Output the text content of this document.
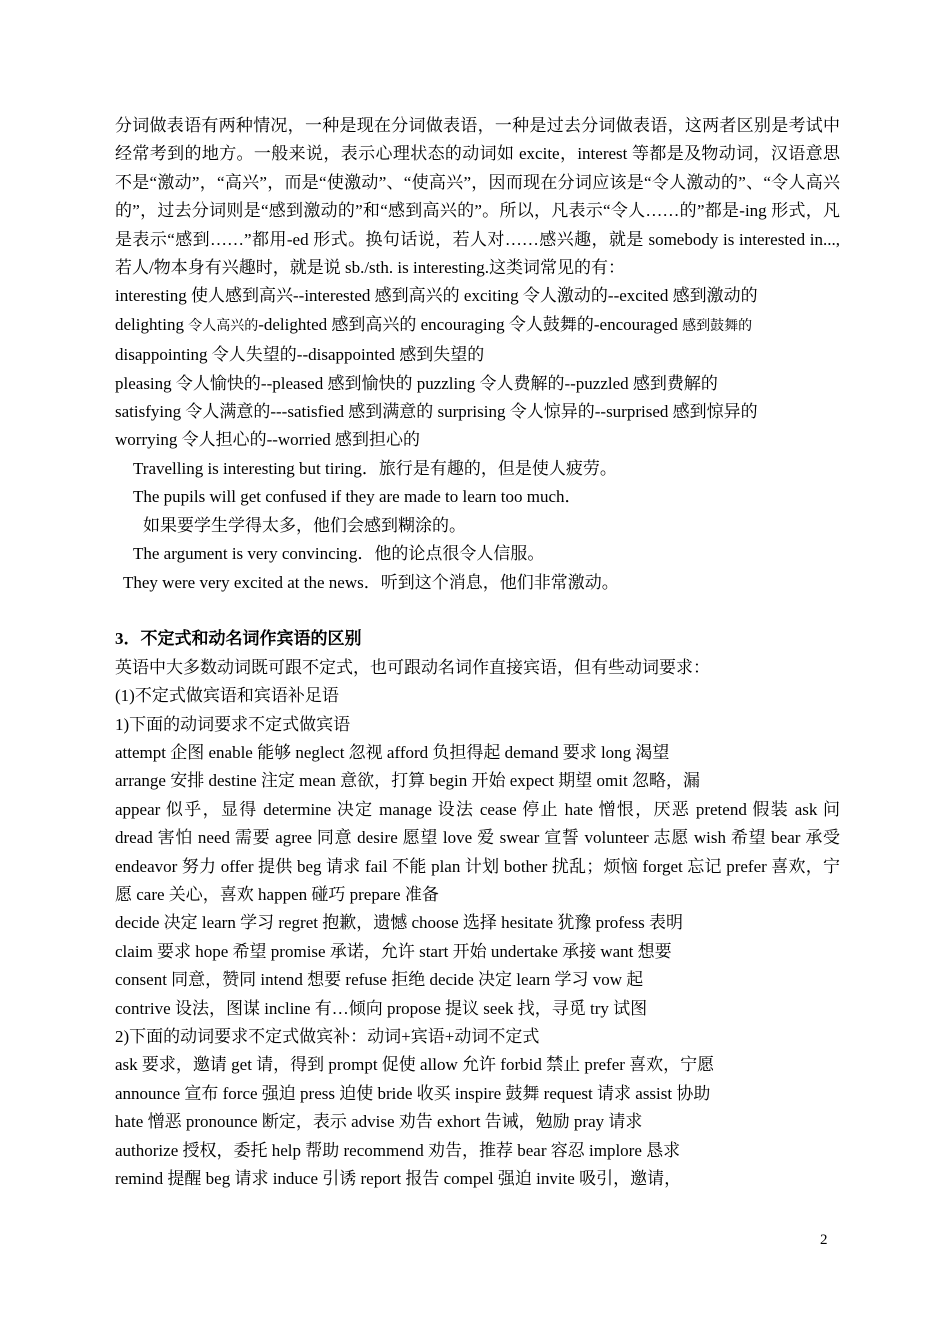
分词做表语有两种情况，一种是现在分词做表语，一种是过去分词做表语，这两者区别是考试中经常考到的地方。一般来说，表示心理状态的动词如 excite，interest 等都是及物动词，汉语意思不是“激动”，“高兴”，而是“使激动”、“使高兴”，因而现在分词应该是“令人激动的”、“令人高兴的”，过去分词则是“感到激动的”和“感到高兴的”。所以，凡表示“令人……的”都是-ing 形式，凡是表示“感到……”都用-ed 形式。换句话说，若人对……感兴趣，就是 somebody is interested in...,若人/物本身有兴趣时，就是说 sb./sth. is interesting.这类词常见的有：

interesting 使人感到高兴--interested 感到高兴的 exciting 令人激动的--excited 感到激动的

delighting 令人高兴的-delighted 感到高兴的 encouraging 令人鼓舞的-encouraged 感到鼓舞的

disappointing 令人失望的--disappointed 感到失望的

pleasing 令人愉快的--pleased 感到愉快的 puzzling 令人费解的--puzzled 感到费解的

satisfying 令人满意的---satisfied 感到满意的 surprising 令人惊异的--surprised 感到惊异的

worrying 令人担心的--worried 感到担心的

Travelling is interesting but tiring．旅行是有趣的，但是使人疲劳。

The pupils will get confused if they are made to learn too much．

如果要学生学得太多，他们会感到糊涂的。

The argument is very convincing．他的论点很令人信服。

They were very excited at the news．听到这个消息，他们非常激动。

3．不定式和动名词作宾语的区别

英语中大多数动词既可跟不定式，也可跟动名词作直接宾语，但有些动词要求：

(1)不定式做宾语和宾语补足语

1)下面的动词要求不定式做宾语

attempt 企图 enable 能够 neglect 忽视 afford 负担得起 demand 要求 long 渴望

arrange 安排 destine 注定 mean 意欲，打算 begin 开始 expect 期望 omit 忽略，漏

appear 似乎，显得 determine 决定 manage 设法 cease 停止 hate 憎恨，厌恶 pretend 假装 ask 问 dread 害怕 need 需要 agree 同意 desire 愿望 love 爱 swear 宣誓 volunteer 志愿 wish 希望 bear 承受 endeavor 努力 offer 提供 beg 请求 fail 不能 plan 计划 bother 扰乱；烦恼 forget 忘记 prefer 喜欢，宁愿 care 关心，喜欢 happen 碰巧 prepare 准备

decide 决定 learn 学习 regret 抱歉，遗憾 choose 选择 hesitate 犹豫 profess 表明

claim 要求 hope 希望 promise 承诺，允许 start 开始 undertake 承接 want 想要

consent 同意，赞同 intend 想要 refuse 拒绝 decide 决定 learn 学习 vow 起

contrive 设法，图谋 incline 有…倾向 propose 提议 seek 找，寻觅 try 试图

2)下面的动词要求不定式做宾补：动词+宾语+动词不定式

ask 要求，邀请 get 请，得到 prompt 促使 allow 允许 forbid 禁止 prefer 喜欢，宁愿

announce 宣布 force 强迫 press 迫使 bride 收买 inspire 鼓舞 request 请求 assist 协助

hate 憎恶 pronounce 断定，表示 advise 劝告 exhort 告诫，勉励 pray 请求

authorize 授权，委托 help 帮助 recommend 劝告，推荐 bear 容忍 implore 恳求

remind 提醒 beg 请求 induce 引诱 report 报告 compel 强迫 invite 吸引，邀请，

2
